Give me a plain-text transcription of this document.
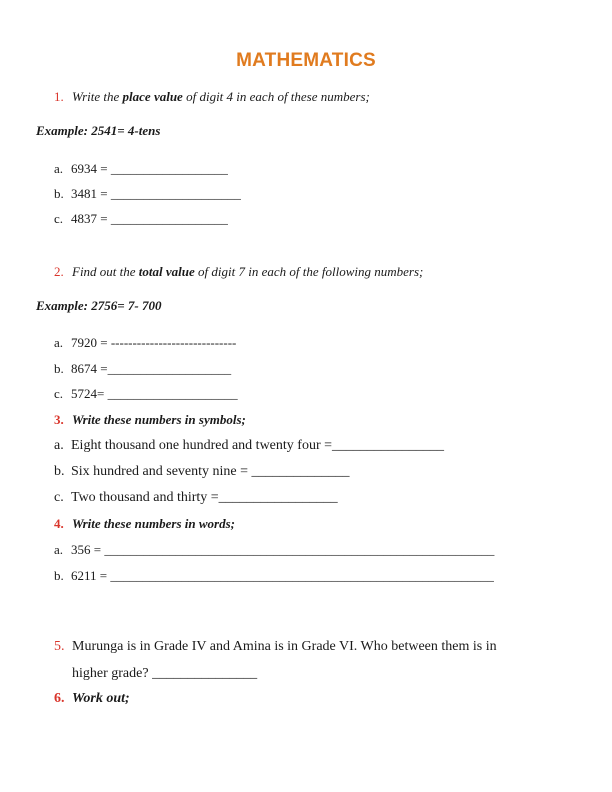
MATHEMATICS
1. Write the place value of digit 4 in each of these numbers;
Example: 2541= 4-tens
a. 6934 = __________________
b. 3481 = ____________________
c. 4837 = __________________
2. Find out the total value of digit 7 in each of the following numbers;
Example: 2756= 7- 700
a. 7920 = -----------------------------
b. 8674 =___________________
c. 5724= ____________________
3. Write these numbers in symbols;
a. Eight thousand one hundred and twenty four =________________
b. Six hundred and seventy nine = ______________
c. Two thousand and thirty =_________________
4. Write these numbers in words;
a. 356 = ____________________________________________________________
b. 6211 = ___________________________________________________________
5. Murunga is in Grade IV and Amina is in Grade VI. Who between them is in
higher grade? _______________
6. Work out;
